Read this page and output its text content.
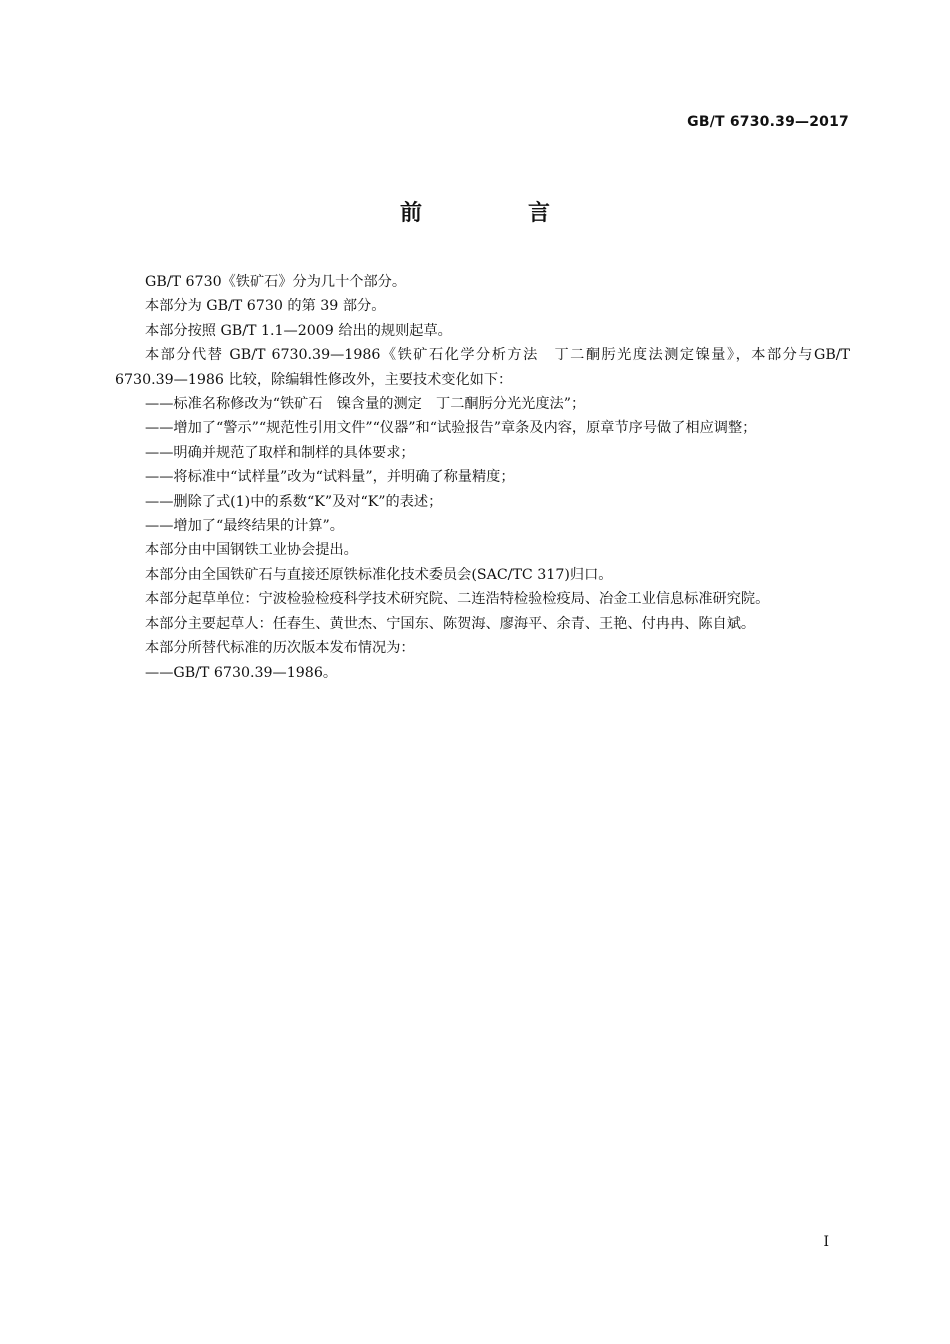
GB/T 6730.39—2017
前　言

GB/T 6730《铁矿石》分为几十个部分。

本部分为 GB/T 6730 的第 39 部分。

本部分按照 GB/T 1.1—2009 给出的规则起草。

本部分代替 GB/T 6730.39—1986《铁矿石化学分析方法　丁二酮肟光度法测定镍量》，本部分与GB/T 6730.39—1986 比较，除编辑性修改外，主要技术变化如下：

——标准名称修改为“铁矿石　镍含量的测定　丁二酮肟分光光度法”；

——增加了“警示”“规范性引用文件”“仪器”和“试验报告”章条及内容，原章节序号做了相应调整；

——明确并规范了取样和制样的具体要求；

——将标准中“试样量”改为“试料量”，并明确了称量精度；

——删除了式(1)中的系数“K”及对“K”的表述；

——增加了“最终结果的计算”。

本部分由中国钢铁工业协会提出。

本部分由全国铁矿石与直接还原铁标准化技术委员会(SAC/TC 317)归口。

本部分起草单位：宁波检验检疫科学技术研究院、二连浩特检验检疫局、冶金工业信息标准研究院。

本部分主要起草人：任春生、黄世杰、宁国东、陈贺海、廖海平、余青、王艳、付冉冉、陈自斌。

本部分所替代标准的历次版本发布情况为：

——GB/T 6730.39—1986。

I
